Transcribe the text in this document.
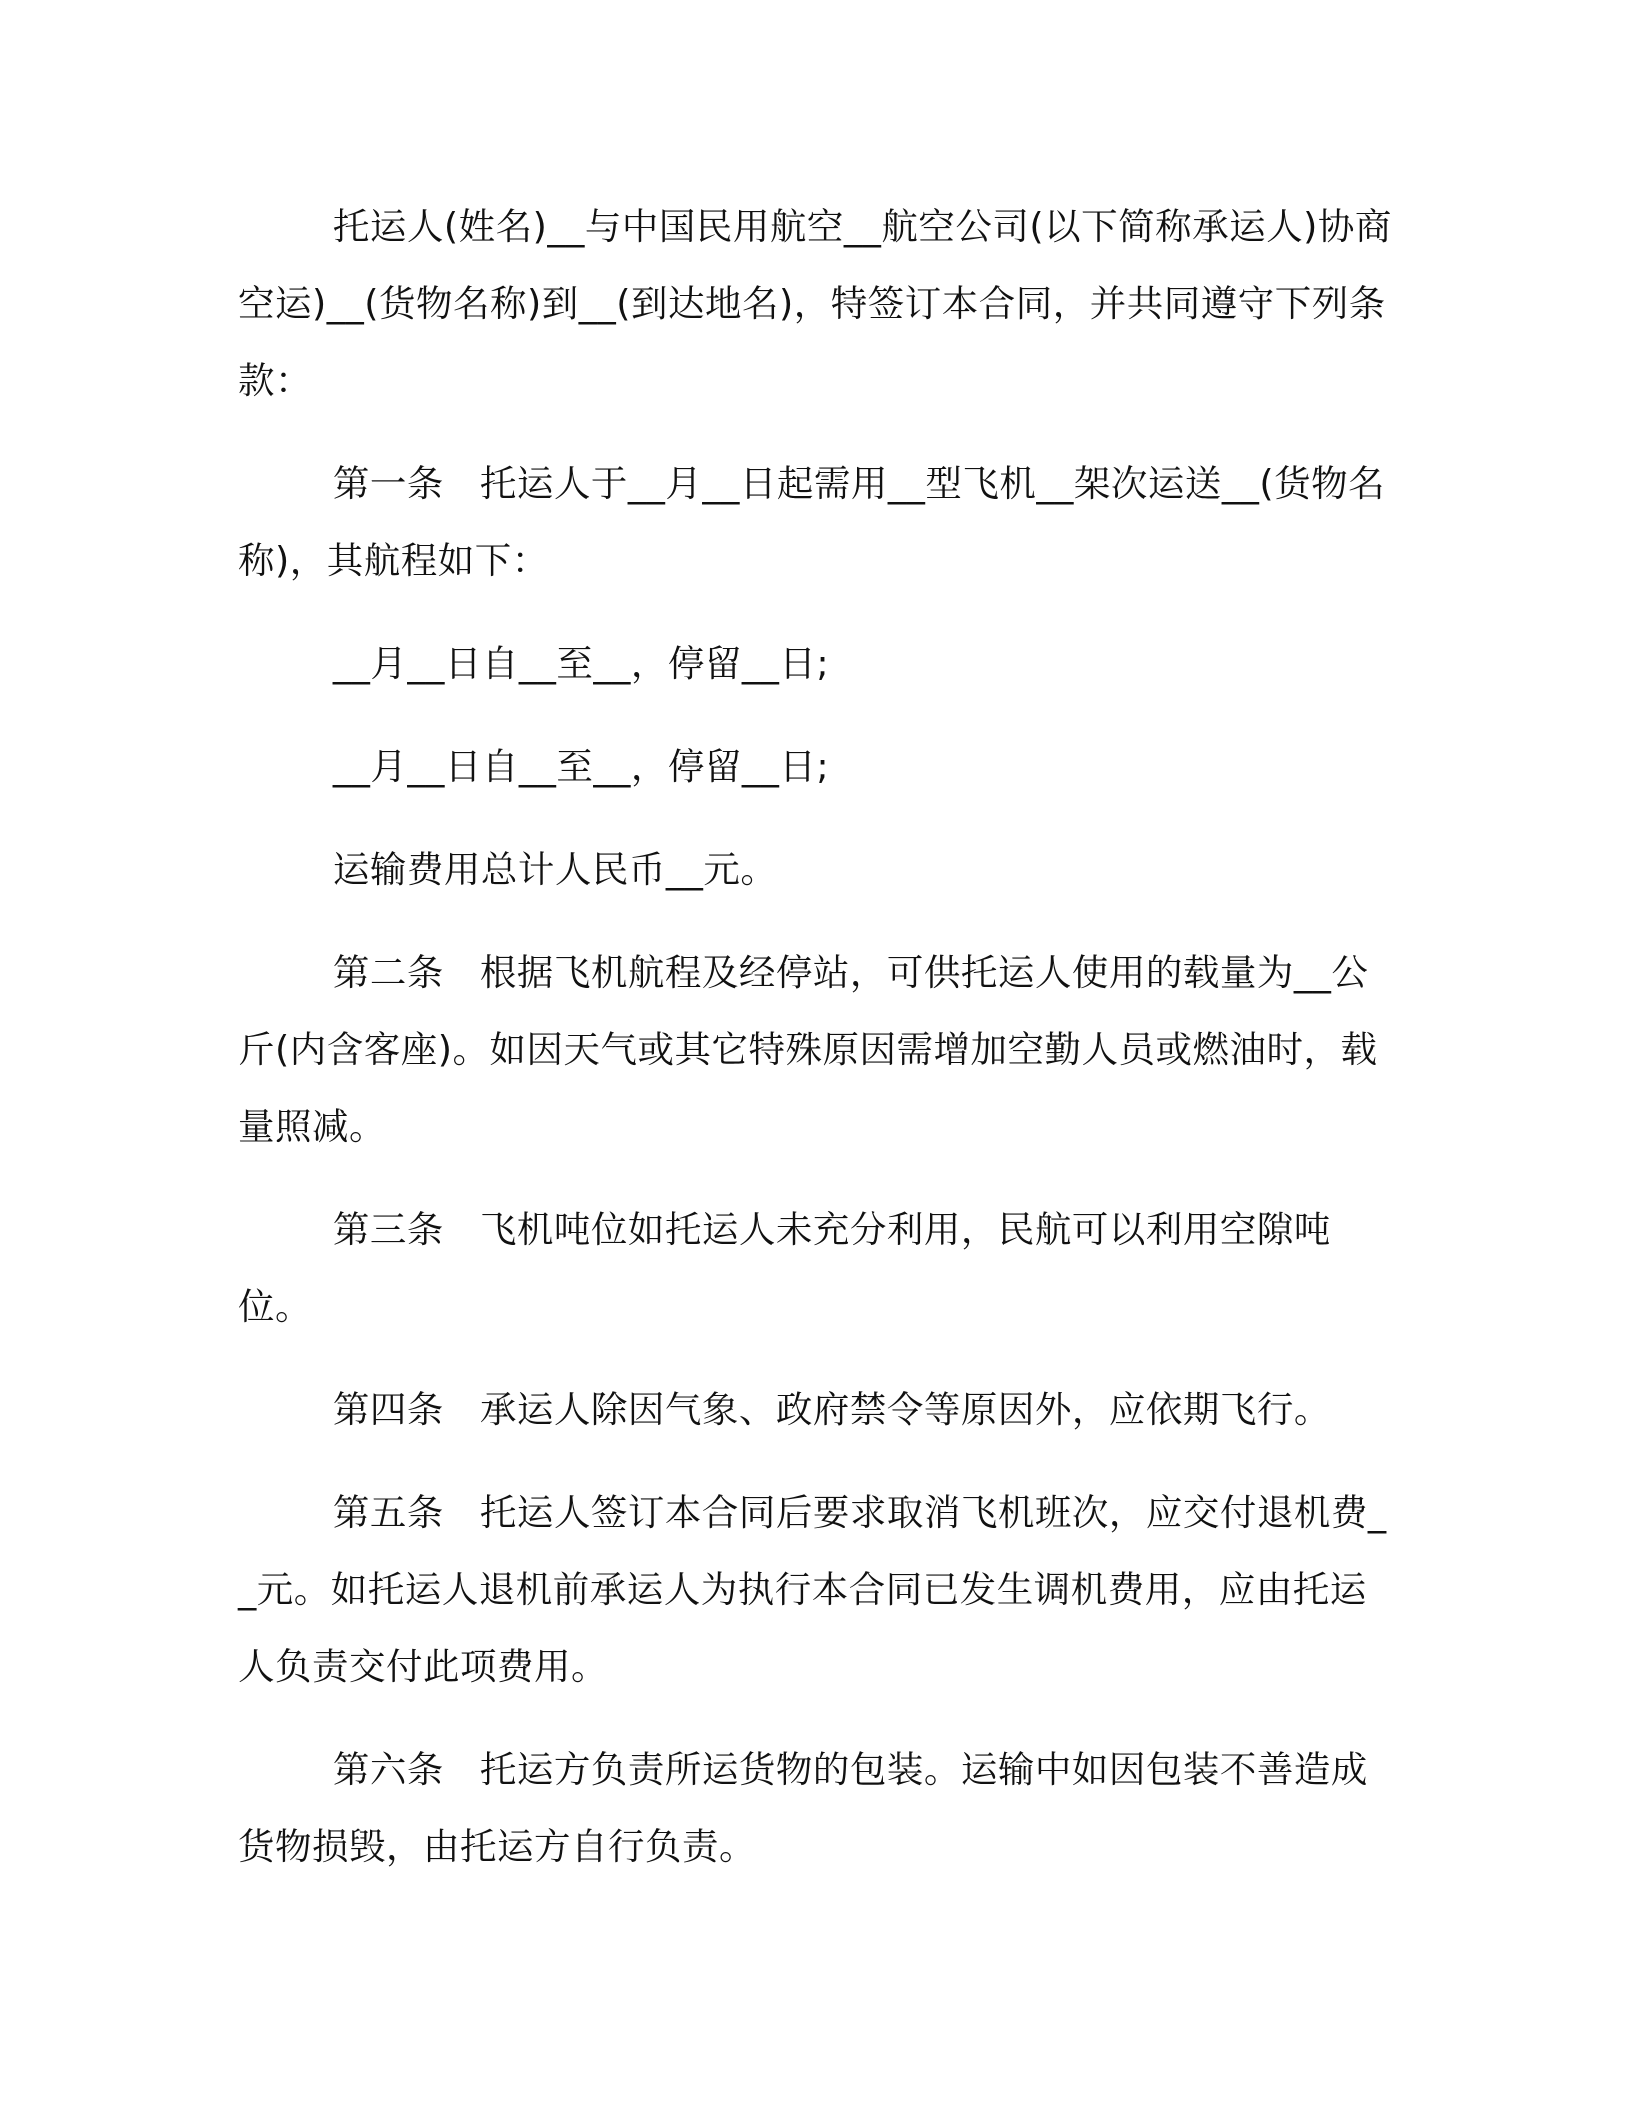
托运人(姓名)__与中国民用航空__航空公司(以下简称承运人)协商空运)__(货物名称)到__(到达地名)，特签订本合同，并共同遵守下列条款：

第一条 托运人于__月__日起需用__型飞机__架次运送__(货物名称)，其航程如下：

__月__日自__至__，停留__日;

__月__日自__至__，停留__日;

运输费用总计人民币__元。

第二条 根据飞机航程及经停站，可供托运人使用的载量为__公斤(内含客座)。如因天气或其它特殊原因需增加空勤人员或燃油时，载量照减。

第三条 飞机吨位如托运人未充分利用，民航可以利用空隙吨位。

第四条 承运人除因气象、政府禁令等原因外，应依期飞行。

第五条 托运人签订本合同后要求取消飞机班次，应交付退机费__元。如托运人退机前承运人为执行本合同已发生调机费用，应由托运人负责交付此项费用。

第六条 托运方负责所运货物的包装。运输中如因包装不善造成货物损毁，由托运方自行负责。
